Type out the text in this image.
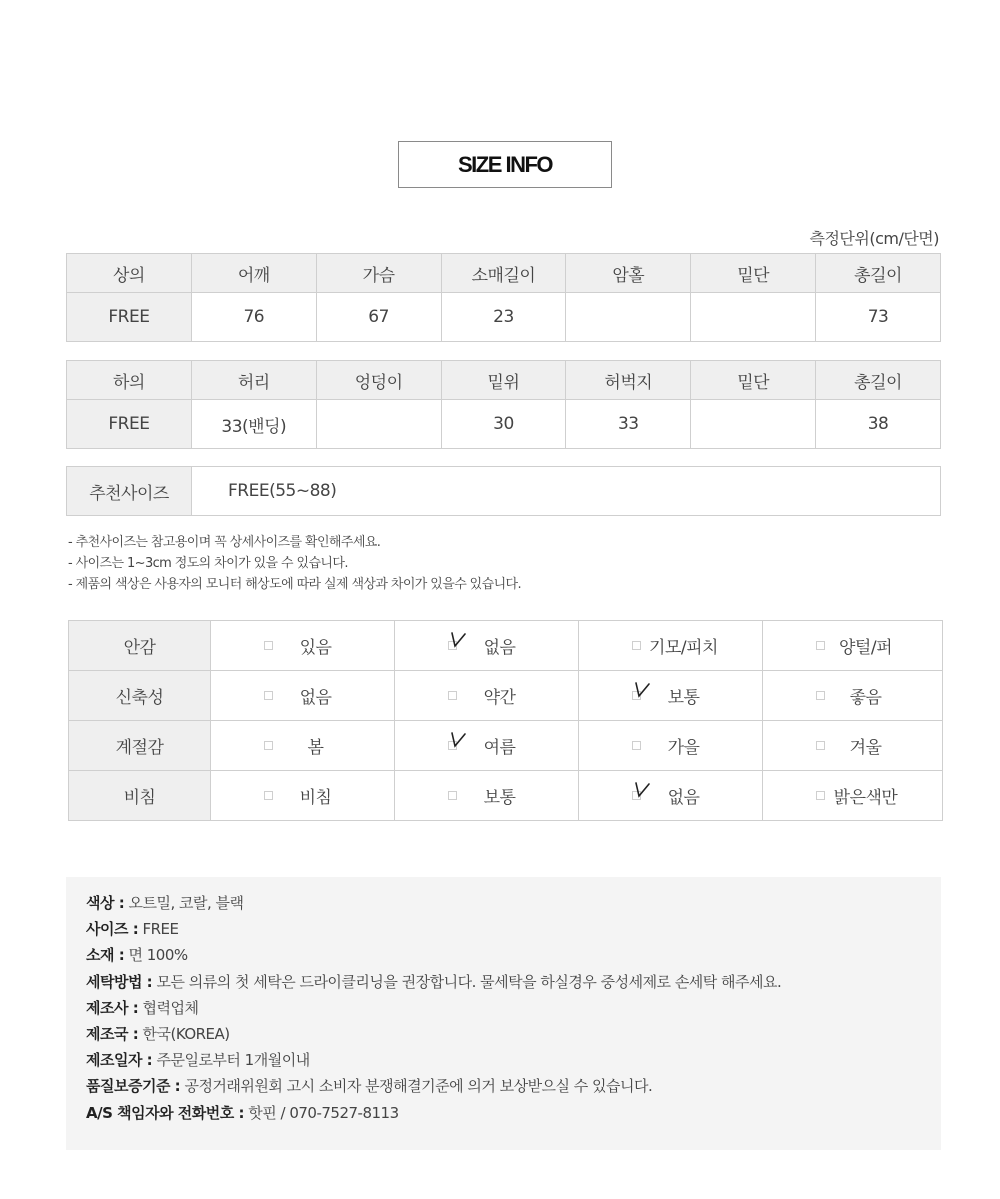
SIZE INFO
측정단위(cm/단면)
상의	어깨	가슴	소매길이	암홀	밑단	총길이
FREE	76	67	23			73
하의	허리	엉덩이	밑위	허벅지	밑단	총길이
FREE	33(밴딩)		30	33		38
추천사이즈	FREE(55~88)
- 추천사이즈는 참고용이며 꼭 상세사이즈를 확인해주세요.
- 사이즈는 1~3cm 정도의 차이가 있을 수 있습니다.
- 제품의 색상은 사용자의 모니터 해상도에 따라 실제 색상과 차이가 있을수 있습니다.
안감	있음	없음	기모/피치	양털/퍼

신축성	없음	약간	보통	좋음

계절감	봄	여름	가을	겨울

비침	비침	보통	없음	밝은색만
색상 : 오트밀, 코랄, 블랙
사이즈 : FREE
소재 : 면 100%
세탁방법 : 모든 의류의 첫 세탁은 드라이클리닝을 권장합니다. 물세탁을 하실경우 중성세제로 손세탁 해주세요.
제조사 : 협력업체
제조국 : 한국(KOREA)
제조일자 : 주문일로부터 1개월이내
품질보증기준 : 공정거래위원회 고시 소비자 분쟁해결기준에 의거 보상받으실 수 있습니다.
A/S 책임자와 전화번호 : 핫핀 / 070-7527-8113
